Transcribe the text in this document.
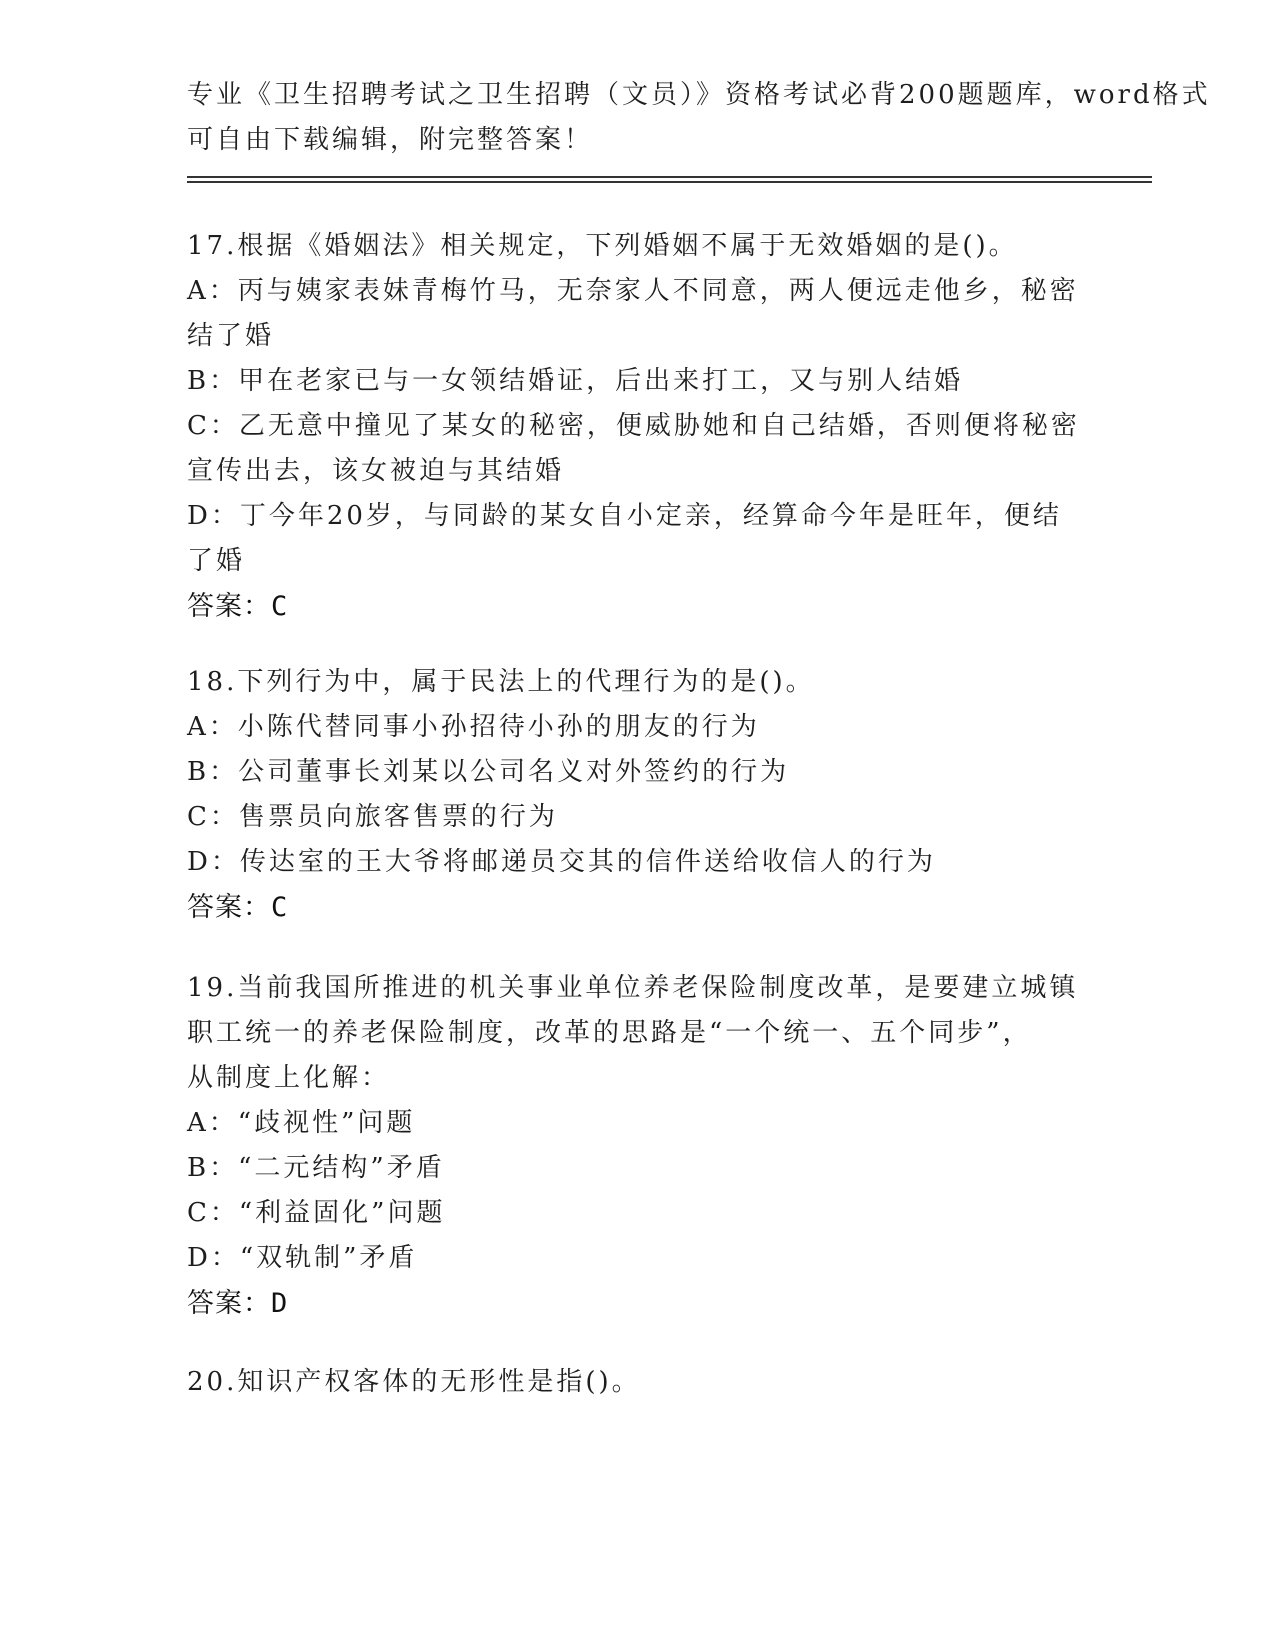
专业《卫生招聘考试之卫生招聘（文员）》资格考试必背200题题库，word格式
可自由下载编辑，附完整答案！
17.根据《婚姻法》相关规定，下列婚姻不属于无效婚姻的是()。
A：丙与姨家表妹青梅竹马，无奈家人不同意，两人便远走他乡，秘密
结了婚
B：甲在老家已与一女领结婚证，后出来打工，又与别人结婚
C：乙无意中撞见了某女的秘密，便威胁她和自己结婚，否则便将秘密
宣传出去，该女被迫与其结婚
D：丁今年20岁，与同龄的某女自小定亲，经算命今年是旺年，便结
了婚
答案：C
18.下列行为中，属于民法上的代理行为的是()。
A：小陈代替同事小孙招待小孙的朋友的行为
B：公司董事长刘某以公司名义对外签约的行为
C：售票员向旅客售票的行为
D：传达室的王大爷将邮递员交其的信件送给收信人的行为
答案：C
19.当前我国所推进的机关事业单位养老保险制度改革，是要建立城镇
职工统一的养老保险制度，改革的思路是“一个统一、五个同步”，
从制度上化解：
A：“歧视性”问题
B：“二元结构”矛盾
C：“利益固化”问题
D：“双轨制”矛盾
答案：D
20.知识产权客体的无形性是指()。
